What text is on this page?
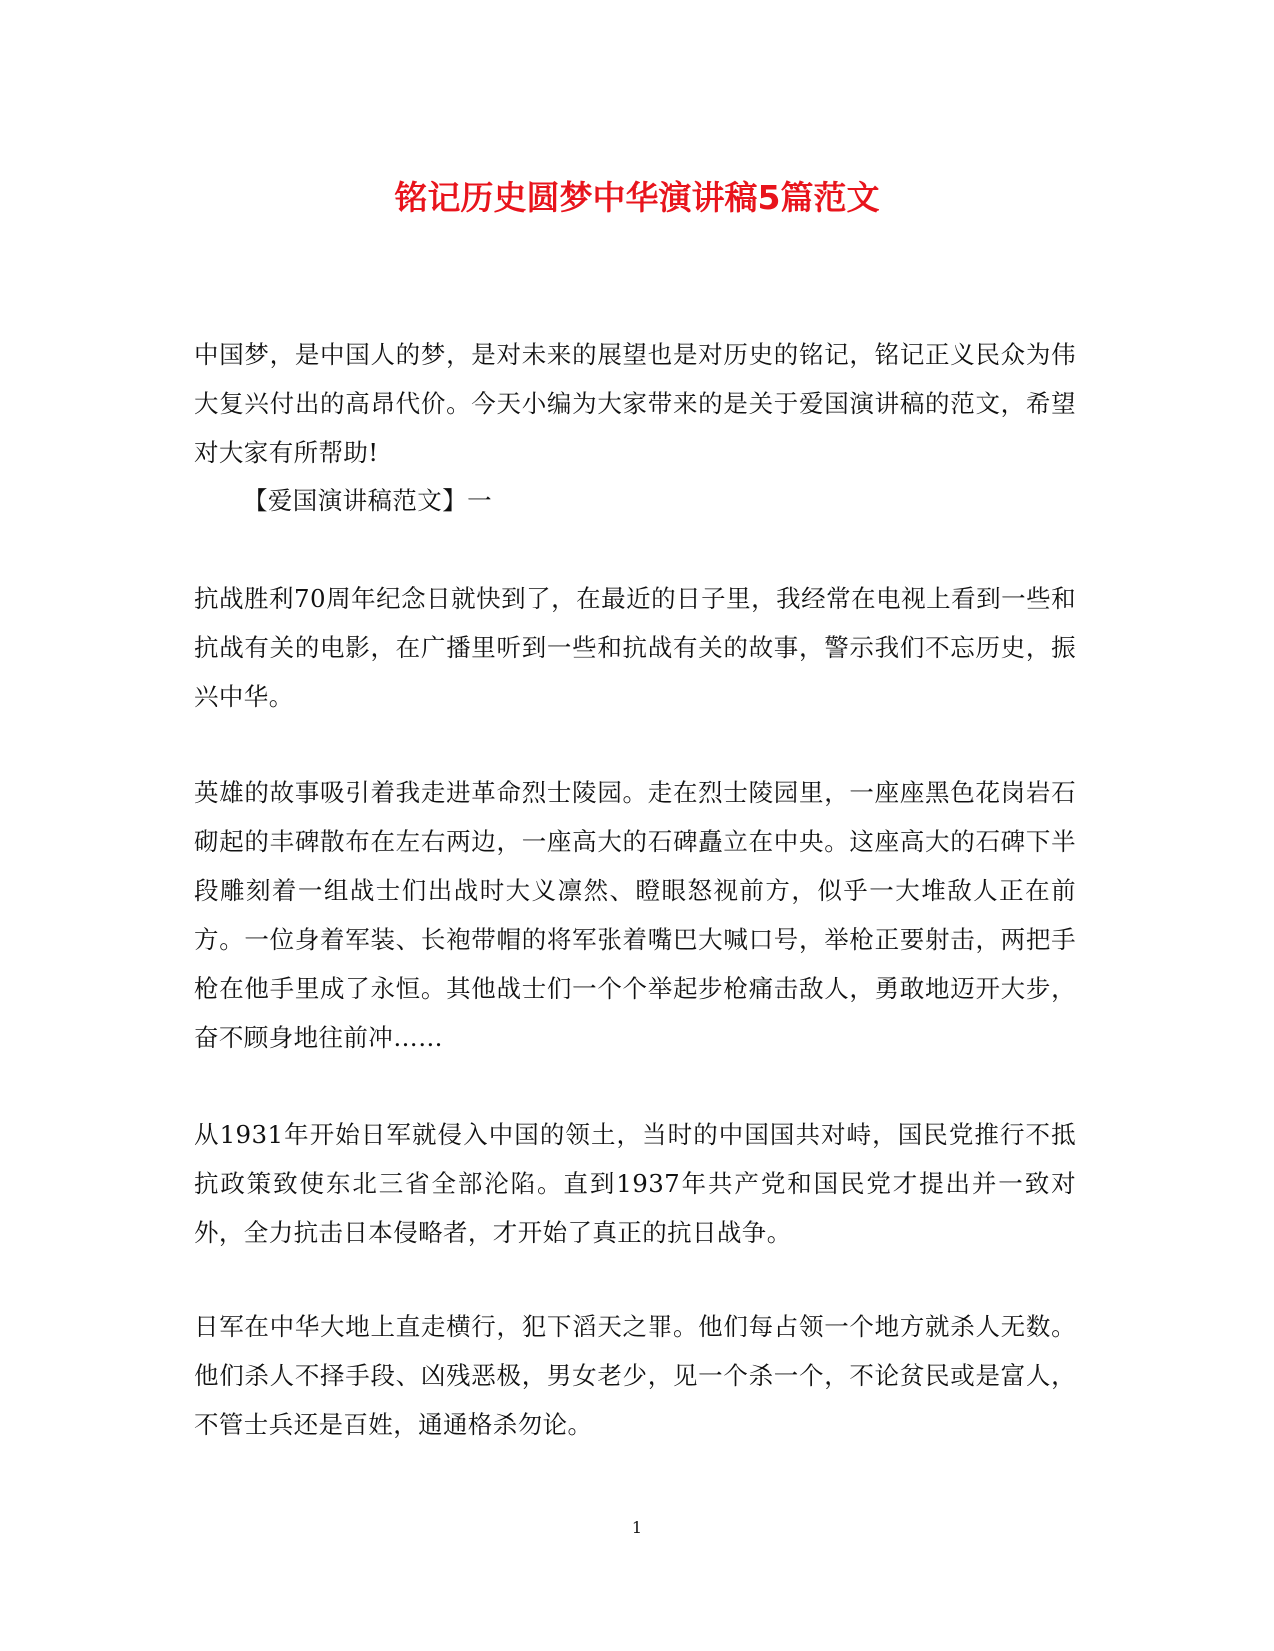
铭记历史圆梦中华演讲稿5篇范文

中国梦，是中国人的梦，是对未来的展望也是对历史的铭记，铭记正义民众为伟大复兴付出的高昂代价。今天小编为大家带来的是关于爱国演讲稿的范文，希望对大家有所帮助!

【爱国演讲稿范文】一

抗战胜利70周年纪念日就快到了，在最近的日子里，我经常在电视上看到一些和抗战有关的电影，在广播里听到一些和抗战有关的故事，警示我们不忘历史，振兴中华。

英雄的故事吸引着我走进革命烈士陵园。走在烈士陵园里，一座座黑色花岗岩石砌起的丰碑散布在左右两边，一座高大的石碑矗立在中央。这座高大的石碑下半段雕刻着一组战士们出战时大义凛然、瞪眼怒视前方，似乎一大堆敌人正在前方。一位身着军装、长袍带帽的将军张着嘴巴大喊口号，举枪正要射击，两把手枪在他手里成了永恒。其他战士们一个个举起步枪痛击敌人，勇敢地迈开大步，奋不顾身地往前冲……

从1931年开始日军就侵入中国的领土，当时的中国国共对峙，国民党推行不抵抗政策致使东北三省全部沦陷。直到1937年共产党和国民党才提出并一致对外，全力抗击日本侵略者，才开始了真正的抗日战争。

日军在中华大地上直走横行，犯下滔天之罪。他们每占领一个地方就杀人无数。他们杀人不择手段、凶残恶极，男女老少，见一个杀一个，不论贫民或是富人，不管士兵还是百姓，通通格杀勿论。

1
